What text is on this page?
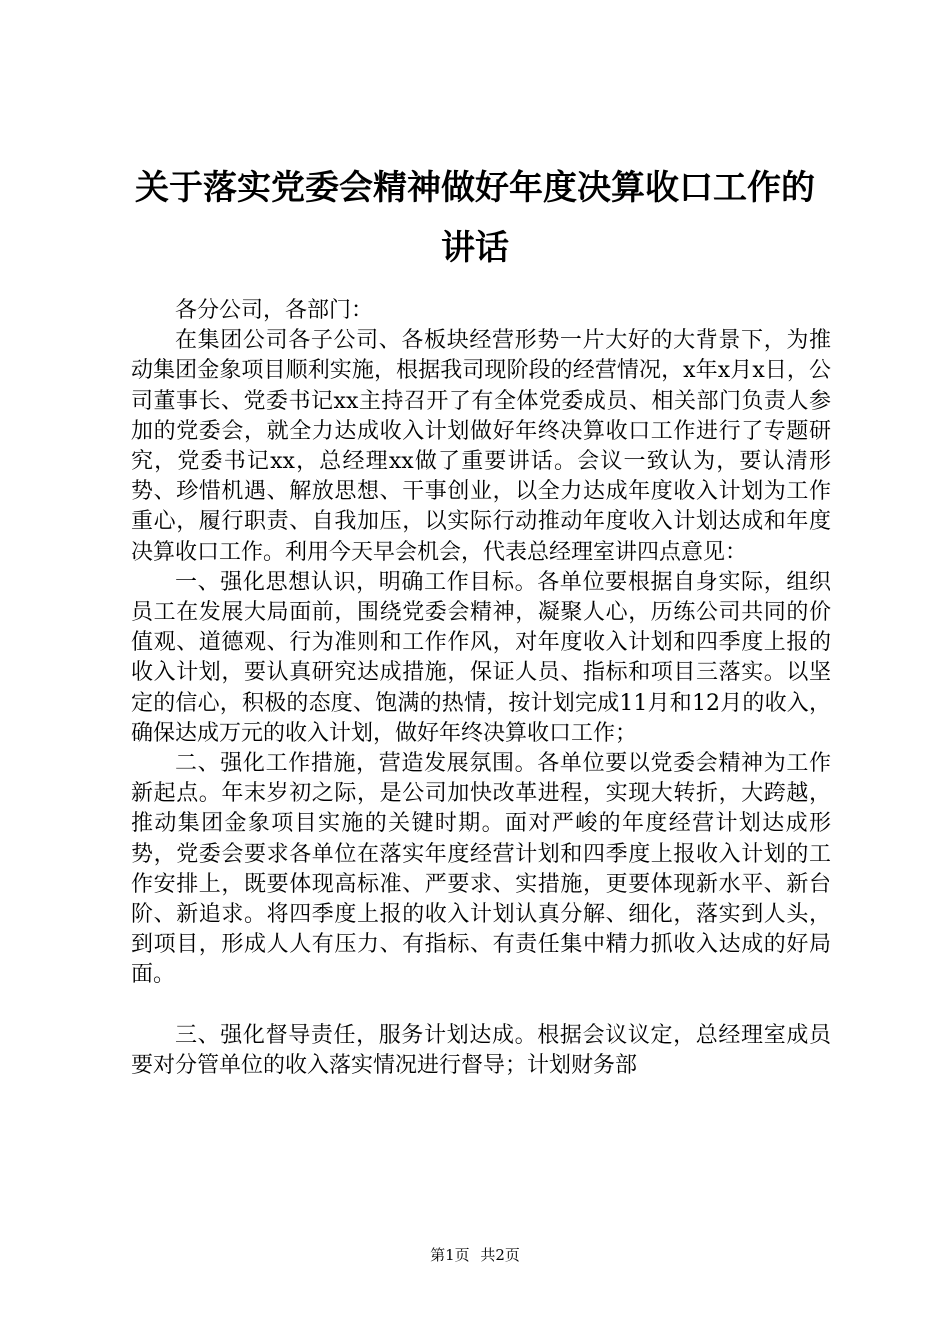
关于落实党委会精神做好年度决算收口工作的讲话

各分公司，各部门：

在集团公司各子公司、各板块经营形势一片大好的大背景下，为推动集团金象项目顺利实施，根据我司现阶段的经营情况，x年x月x日，公司董事长、党委书记xx主持召开了有全体党委成员、相关部门负责人参加的党委会，就全力达成收入计划做好年终决算收口工作进行了专题研究，党委书记xx，总经理xx做了重要讲话。会议一致认为，要认清形势、珍惜机遇、解放思想、干事创业，以全力达成年度收入计划为工作重心，履行职责、自我加压，以实际行动推动年度收入计划达成和年度决算收口工作。利用今天早会机会，代表总经理室讲四点意见：

一、强化思想认识，明确工作目标。各单位要根据自身实际，组织员工在发展大局面前，围绕党委会精神，凝聚人心，历练公司共同的价值观、道德观、行为准则和工作作风，对年度收入计划和四季度上报的收入计划，要认真研究达成措施，保证人员、指标和项目三落实。以坚定的信心，积极的态度、饱满的热情，按计划完成11月和12月的收入，确保达成万元的收入计划，做好年终决算收口工作；

二、强化工作措施，营造发展氛围。各单位要以党委会精神为工作新起点。年末岁初之际，是公司加快改革进程，实现大转折，大跨越，推动集团金象项目实施的关键时期。面对严峻的年度经营计划达成形势，党委会要求各单位在落实年度经营计划和四季度上报收入计划的工作安排上，既要体现高标准、严要求、实措施，更要体现新水平、新台阶、新追求。将四季度上报的收入计划认真分解、细化，落实到人头，到项目，形成人人有压力、有指标、有责任集中精力抓收入达成的好局面。

三、强化督导责任，服务计划达成。根据会议议定，总经理室成员要对分管单位的收入落实情况进行督导；计划财务部

第1页 共2页
